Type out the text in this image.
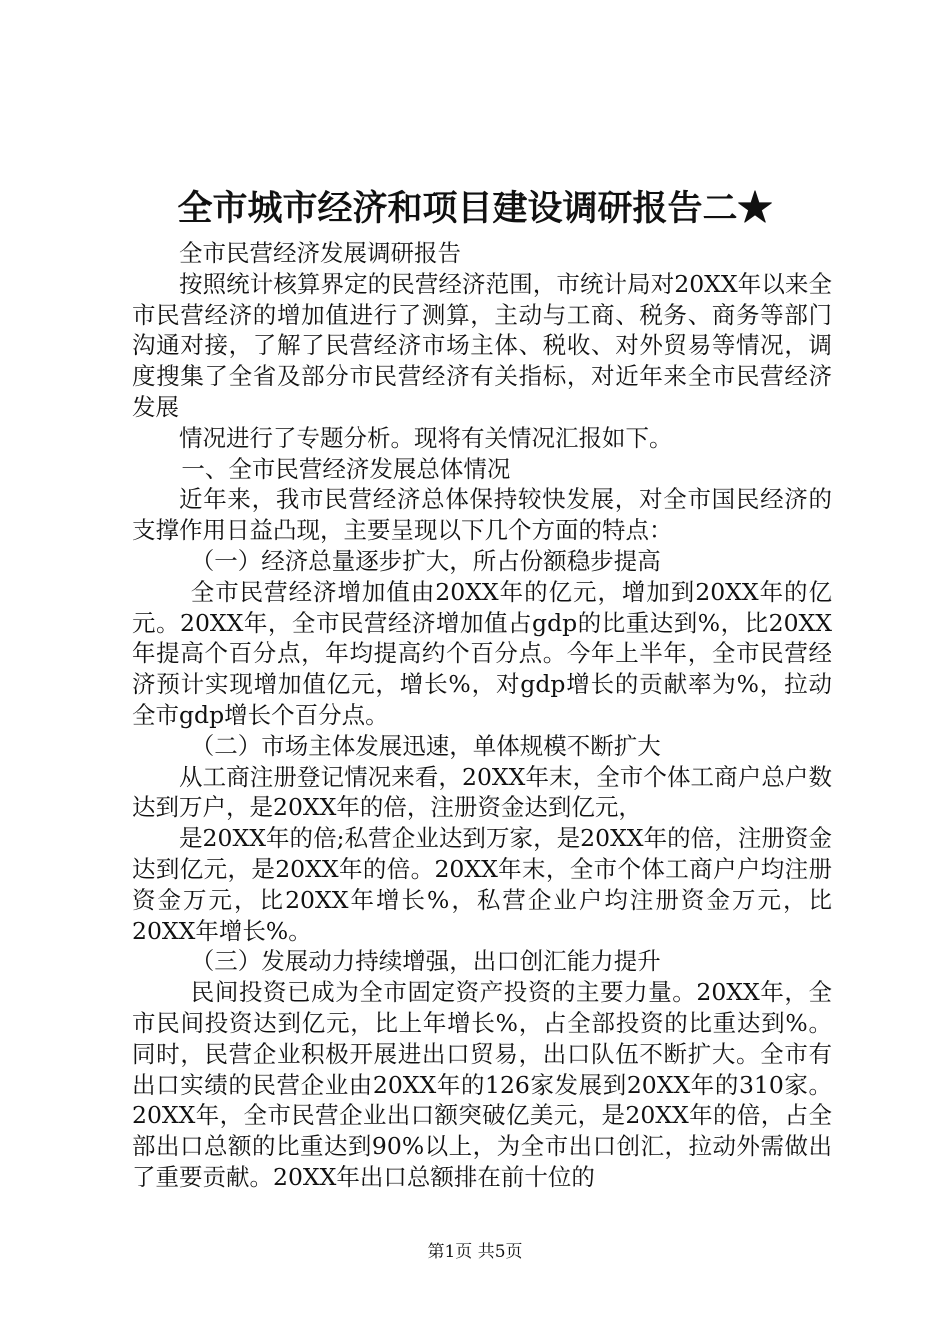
全市城市经济和项目建设调研报告二★

全市民营经济发展调研报告

按照统计核算界定的民营经济范围，市统计局对20XX年以来全市民营经济的增加值进行了测算，主动与工商、税务、商务等部门沟通对接，了解了民营经济市场主体、税收、对外贸易等情况，调度搜集了全省及部分市民营经济有关指标，对近年来全市民营经济发展

情况进行了专题分析。现将有关情况汇报如下。

一、全市民营经济发展总体情况

近年来，我市民营经济总体保持较快发展，对全市国民经济的支撑作用日益凸现，主要呈现以下几个方面的特点：

（一）经济总量逐步扩大，所占份额稳步提高

全市民营经济增加值由20XX年的亿元，增加到20XX年的亿元。20XX年，全市民营经济增加值占gdp的比重达到%，比20XX年提高个百分点，年均提高约个百分点。今年上半年，全市民营经济预计实现增加值亿元，增长%，对gdp增长的贡献率为%，拉动全市gdp增长个百分点。

（二）市场主体发展迅速，单体规模不断扩大

从工商注册登记情况来看，20XX年末，全市个体工商户总户数达到万户，是20XX年的倍，注册资金达到亿元，

是20XX年的倍;私营企业达到万家，是20XX年的倍，注册资金达到亿元，是20XX年的倍。20XX年末，全市个体工商户户均注册资金万元，比20XX年增长%，私营企业户均注册资金万元，比20XX年增长%。

（三）发展动力持续增强，出口创汇能力提升

民间投资已成为全市固定资产投资的主要力量。20XX年，全市民间投资达到亿元，比上年增长%，占全部投资的比重达到%。同时，民营企业积极开展进出口贸易，出口队伍不断扩大。全市有出口实绩的民营企业由20XX年的126家发展到20XX年的310家。20XX年，全市民营企业出口额突破亿美元，是20XX年的倍，占全部出口总额的比重达到90%以上，为全市出口创汇，拉动外需做出了重要贡献。20XX年出口总额排在前十位的

第1页 共5页
